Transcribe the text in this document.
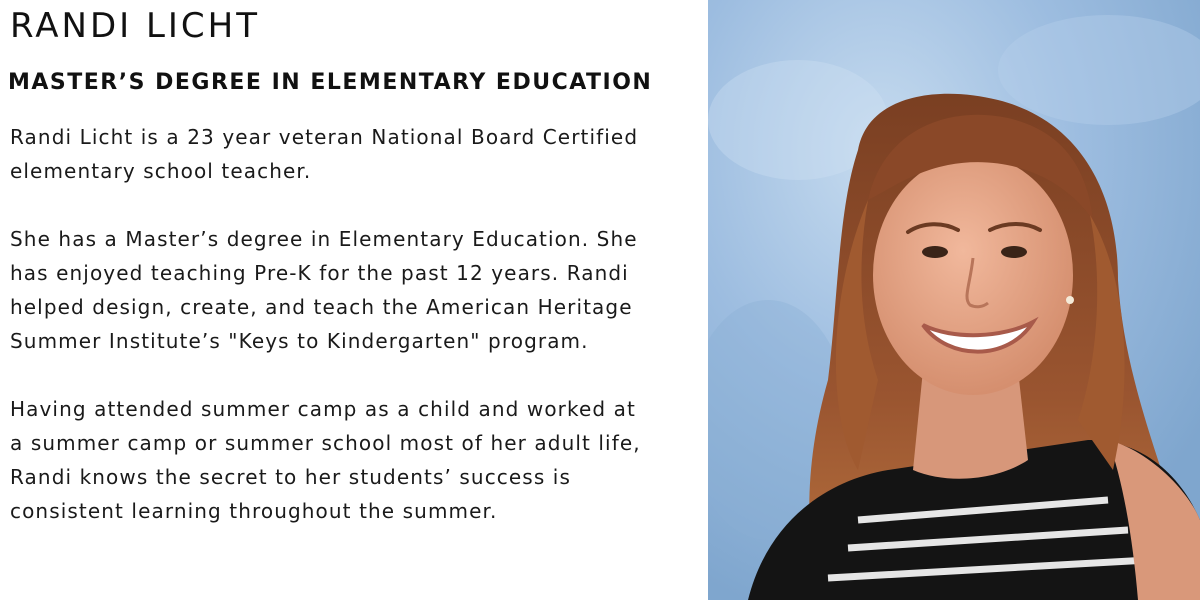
RANDI LICHT
MASTER’S DEGREE IN ELEMENTARY EDUCATION

Randi Licht is a 23 year veteran National Board Certified
elementary school teacher.

She has a Master’s degree in Elementary Education. She
has enjoyed teaching Pre-K for the past 12 years. Randi
helped design, create, and teach the American Heritage
Summer Institute’s "Keys to Kindergarten" program.

Having attended summer camp as a child and worked at
a summer camp or summer school most of her adult life,
Randi knows the secret to her students’ success is
consistent learning throughout the summer.
